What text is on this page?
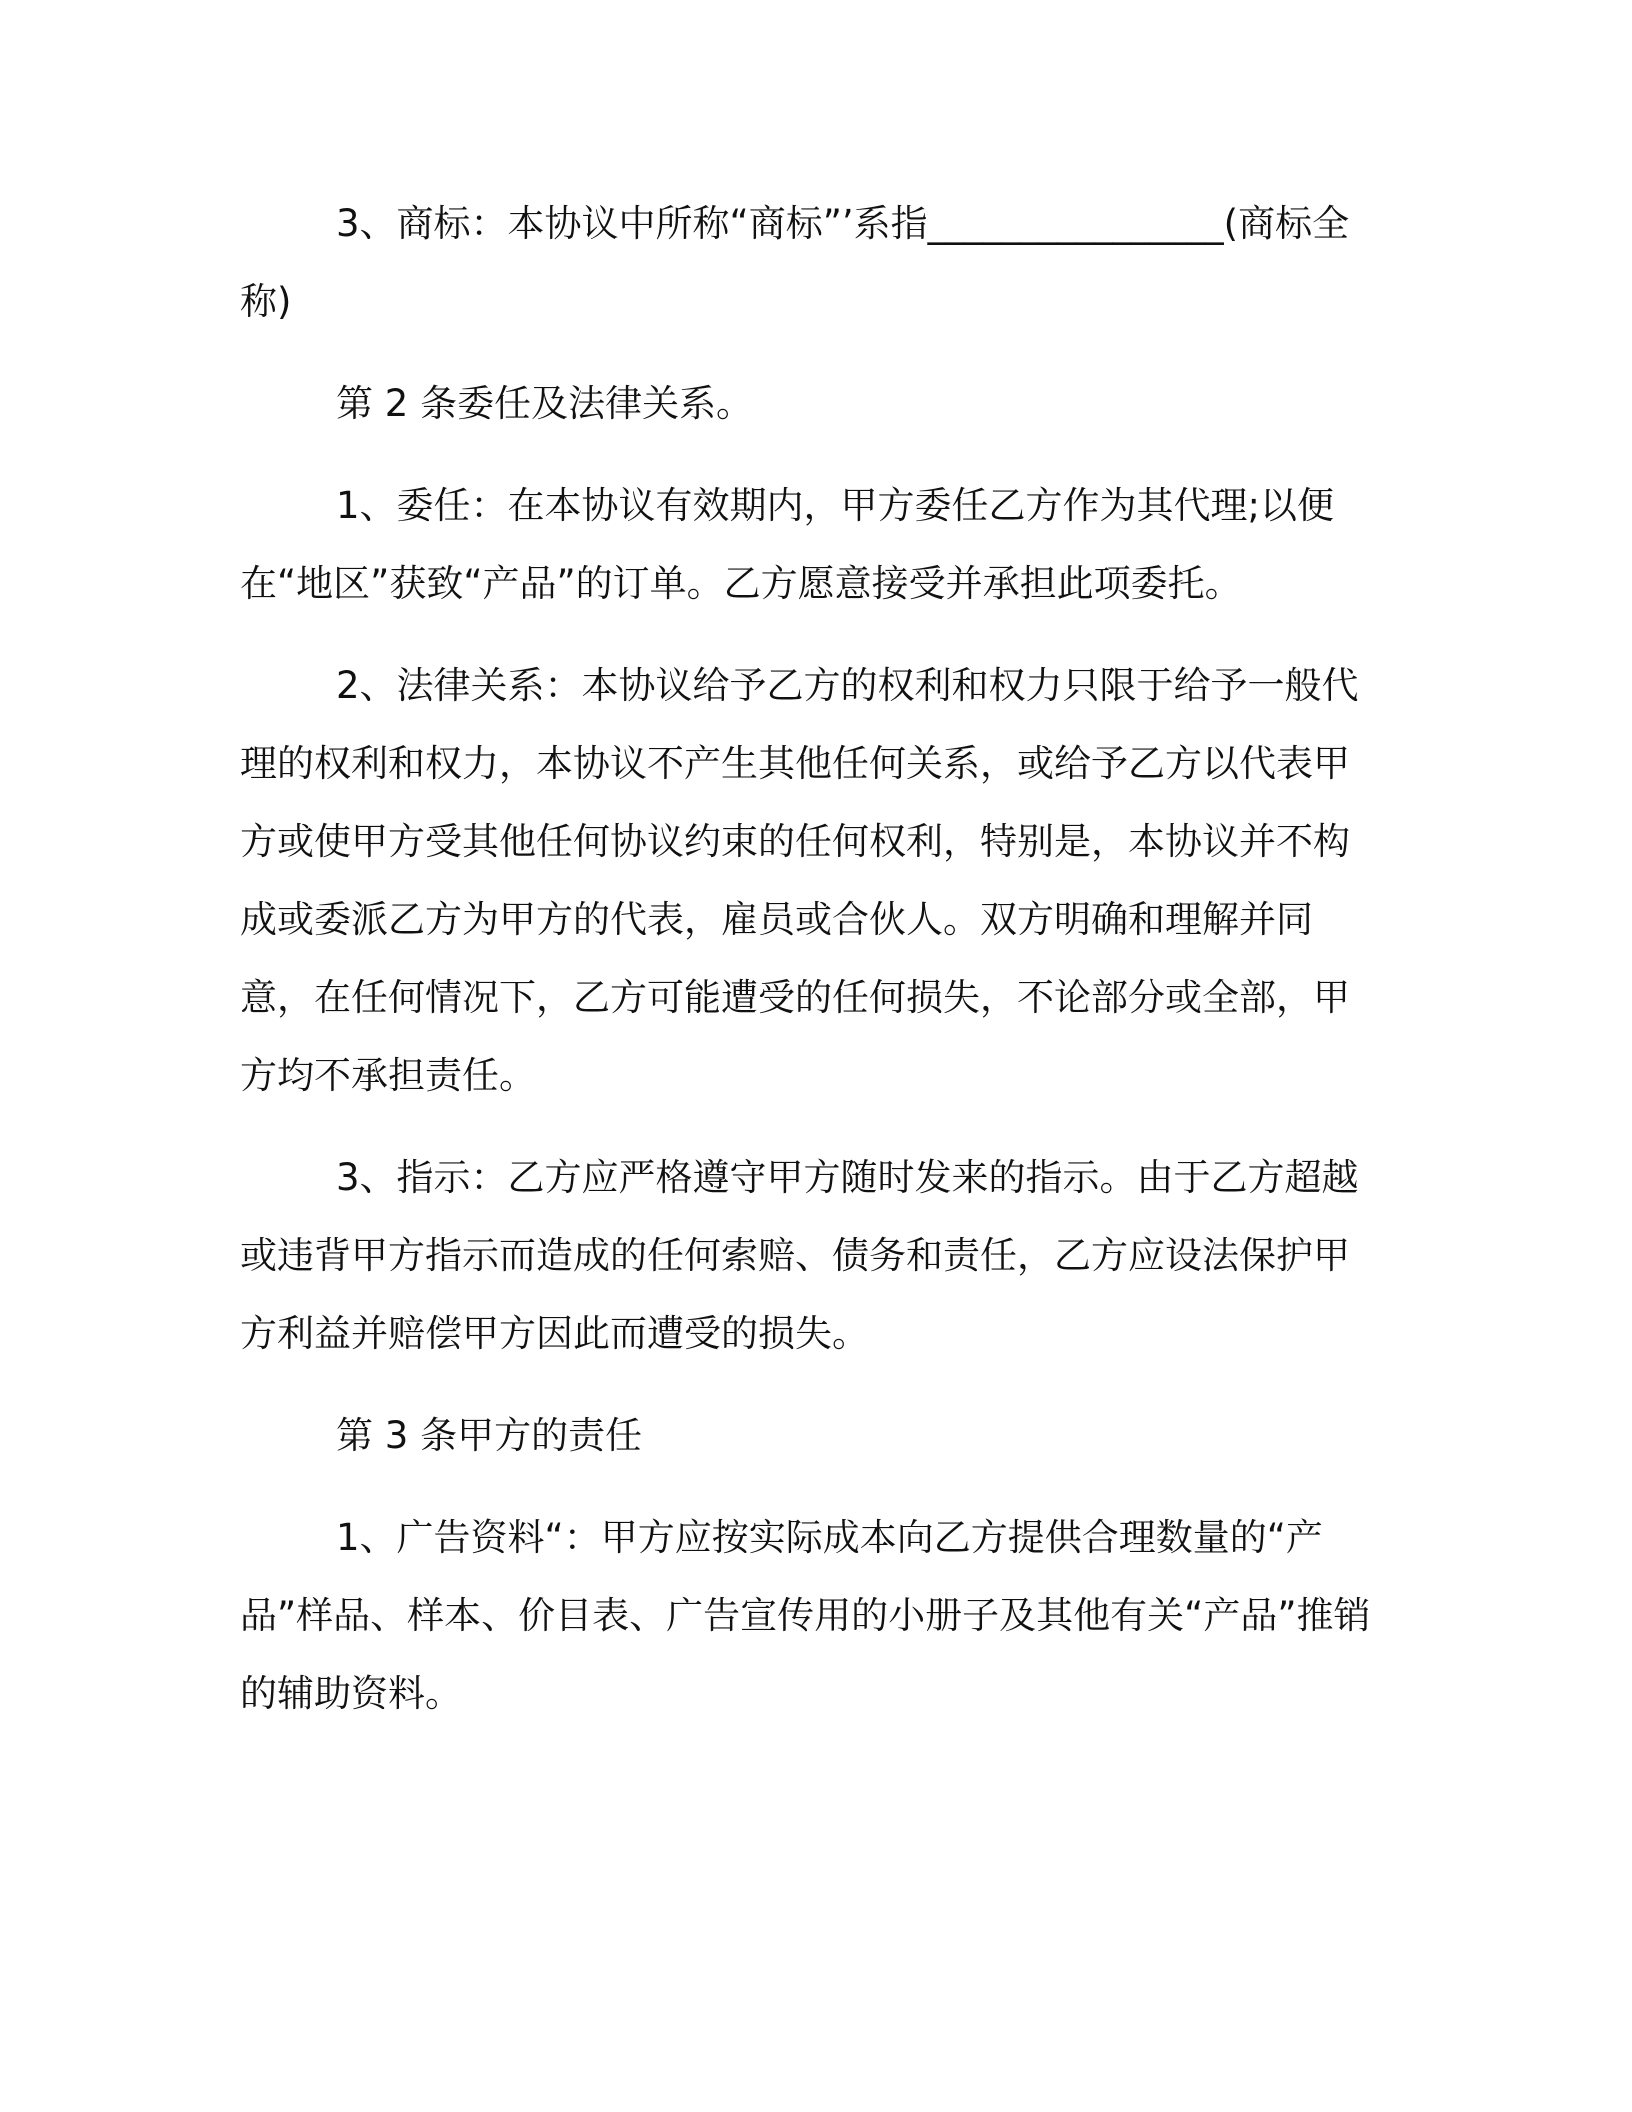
3、商标：本协议中所称“商标”’系指________________(商标全称)

第 2 条委任及法律关系。

1、委任：在本协议有效期内，甲方委任乙方作为其代理;以便在“地区”获致“产品”的订单。乙方愿意接受并承担此项委托。

2、法律关系：本协议给予乙方的权利和权力只限于给予一般代理的权利和权力，本协议不产生其他任何关系，或给予乙方以代表甲方或使甲方受其他任何协议约束的任何权利，特别是，本协议并不构成或委派乙方为甲方的代表，雇员或合伙人。双方明确和理解并同意，在任何情况下，乙方可能遭受的任何损失，不论部分或全部，甲方均不承担责任。

3、指示：乙方应严格遵守甲方随时发来的指示。由于乙方超越或违背甲方指示而造成的任何索赔、债务和责任，乙方应设法保护甲方利益并赔偿甲方因此而遭受的损失。

第 3 条甲方的责任

1、广告资料“：甲方应按实际成本向乙方提供合理数量的“产品”样品、样本、价目表、广告宣传用的小册子及其他有关“产品”推销的辅助资料。
